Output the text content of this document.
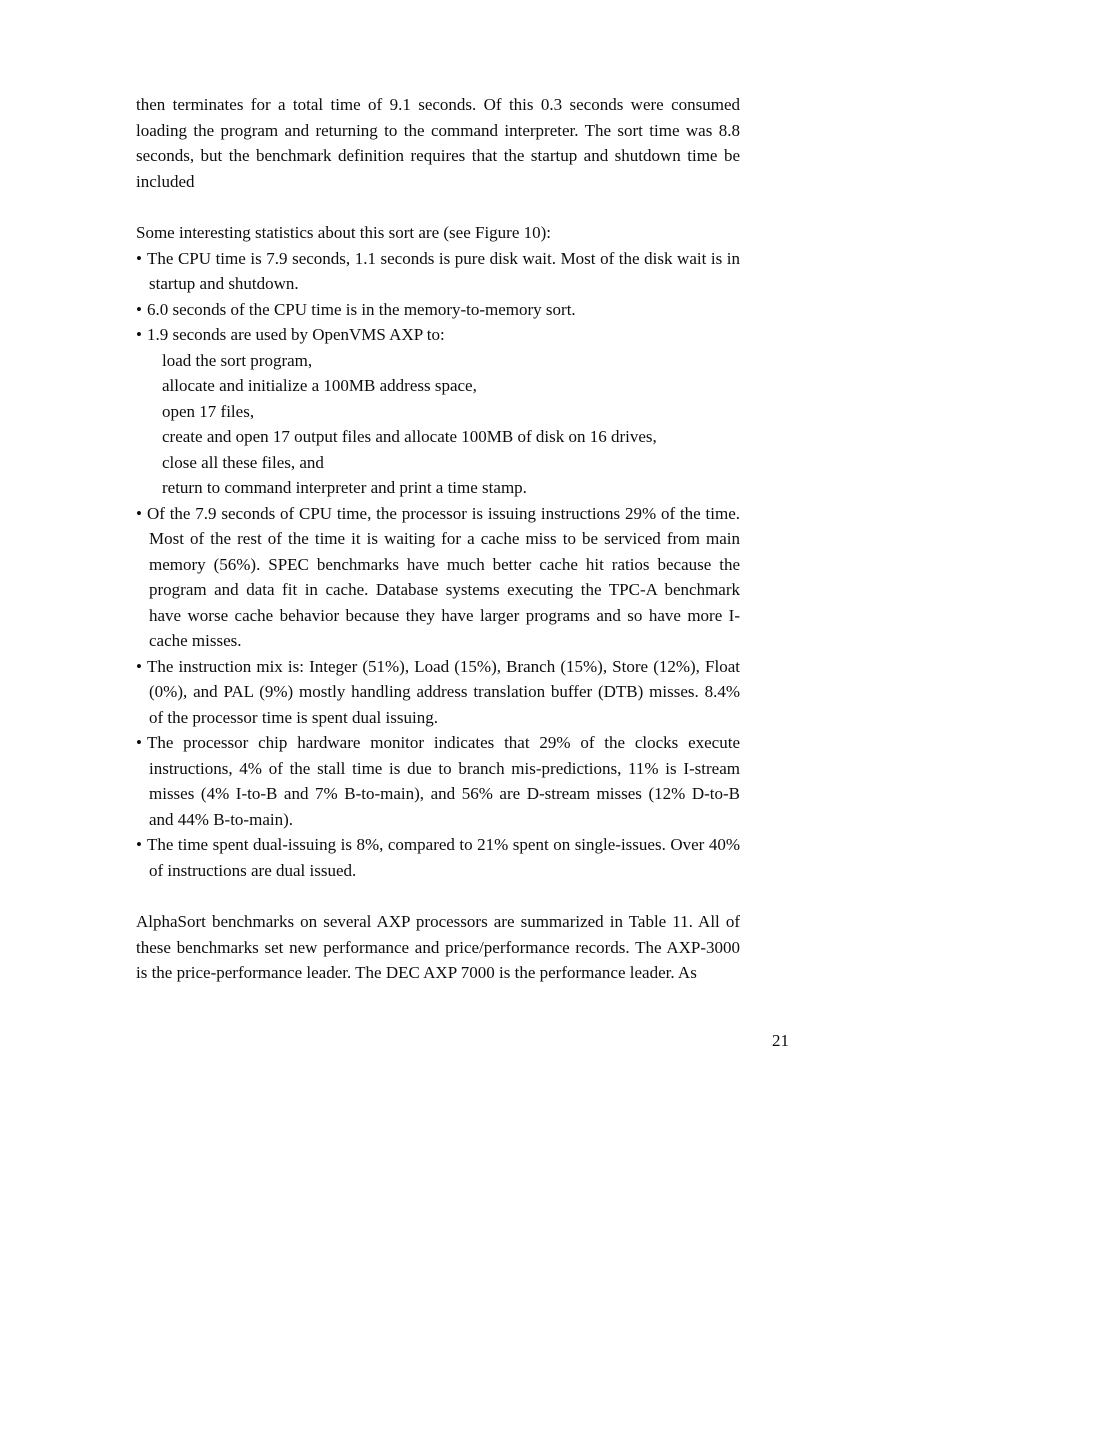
then terminates for a total time of 9.1 seconds. Of this 0.3 seconds were consumed loading the program and returning to the command interpreter. The sort time was 8.8 seconds, but the benchmark definition requires that the startup and shutdown time be included

Some interesting statistics about this sort are (see Figure 10):

• The CPU time is 7.9 seconds, 1.1 seconds is pure disk wait. Most of the disk wait is in startup and shutdown.

• 6.0 seconds of the CPU time is in the memory-to-memory sort.

• 1.9 seconds are used by OpenVMS AXP to:

load the sort program,
allocate and initialize a 100MB address space,
open 17 files,
create and open 17 output files and allocate 100MB of disk on 16 drives,
close all these files, and
return to command interpreter and print a time stamp.

• Of the 7.9 seconds of CPU time, the processor is issuing instructions 29% of the time. Most of the rest of the time it is waiting for a cache miss to be serviced from main memory (56%). SPEC benchmarks have much better cache hit ratios because the program and data fit in cache. Database systems executing the TPC-A benchmark have worse cache behavior because they have larger programs and so have more I-cache misses.

• The instruction mix is: Integer (51%), Load (15%), Branch (15%), Store (12%), Float (0%), and PAL (9%) mostly handling address translation buffer (DTB) misses. 8.4% of the processor time is spent dual issuing.

• The processor chip hardware monitor indicates that 29% of the clocks execute instructions, 4% of the stall time is due to branch mis-predictions, 11% is I-stream misses (4% I-to-B and 7% B-to-main), and 56% are D-stream misses (12% D-to-B and 44% B-to-main).

• The time spent dual-issuing is 8%, compared to 21% spent on single-issues. Over 40% of instructions are dual issued.

AlphaSort benchmarks on several AXP processors are summarized in Table 11. All of these benchmarks set new performance and price/performance records. The AXP-3000 is the price-performance leader. The DEC AXP 7000 is the performance leader. As

21
